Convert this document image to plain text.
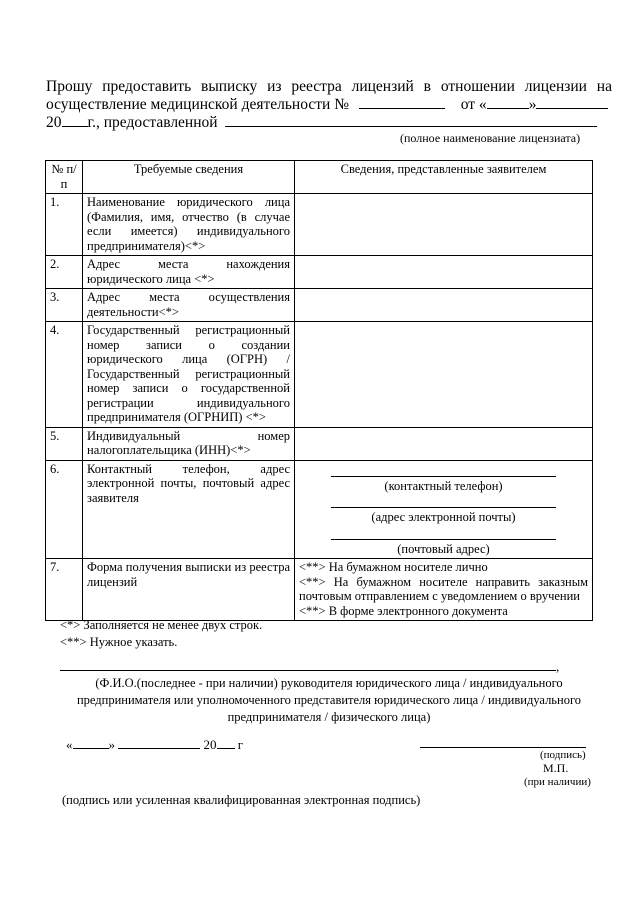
Прошу предоставить выписку из реестра лицензий в отношении лицензии на
осуществление медицинской деятельности №	от «	»
20 г., предоставленной
(полное наименование лицензиата)
№ п/п	Требуемые сведения	Сведения, представленные заявителем
1.	Наименование юридического лица (Фамилия, имя, отчество (в случае если имеется) индивидуального предпринимателя)<*>	
2.	Адрес места нахождения юридического лица <*>	
3.	Адрес места осуществления деятельности<*>	
4.	Государственный регистрационный номер записи о создании юридического лица (ОГРН) / Государственный регистрационный номер записи о государственной регистрации индивидуального предпринимателя (ОГРНИП) <*>	
5.	Индивидуальный номер налогоплательщика (ИНН)<*>	
6.	Контактный телефон, адрес электронной почты, почтовый адрес заявителя	(контактный телефон)
(адрес электронной почты)
(почтовый адрес)

7.	Форма получения выписки из реестра лицензий	<**> На бумажном носителе лично
<**> На бумажном носителе направить заказным почтовым отправлением с уведомлением о вручении
<**> В форме электронного документа
<*> Заполняется не менее двух строк.
<**> Нужное указать.
,
(Ф.И.О.(последнее - при наличии) руководителя юридического лица / индивидуального предпринимателя или уполномоченного представителя юридического лица / индивидуального предпринимателя / физического лица)
«	»	20 г
(подпись)
М.П.
(при наличии)
(подпись или усиленная квалифицированная электронная подпись)
